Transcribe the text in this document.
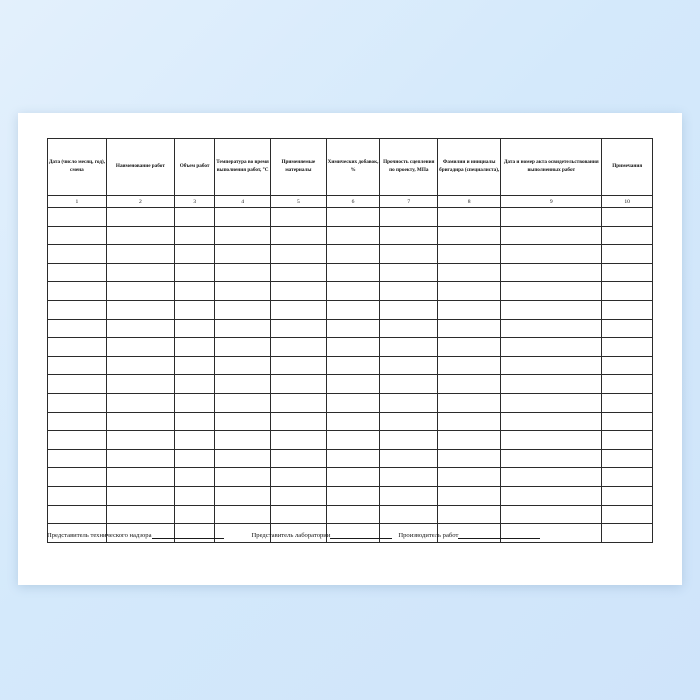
Дата (число месяц, год), смена	Наименование работ	Объем работ	Температура во время выполнения работ, °С	Применяемые материалы	Химических добавок, %	Прочность сцепления по проекту, МПа	Фамилии и инициалы бригадира (специалиста),	Дата и номер акта освидетельствования выполненных работ	Примечания
1	2	3	4	5	6	7	8	9	10

Представитель технического надзора	Представитель лаборатории	Производитель работ
